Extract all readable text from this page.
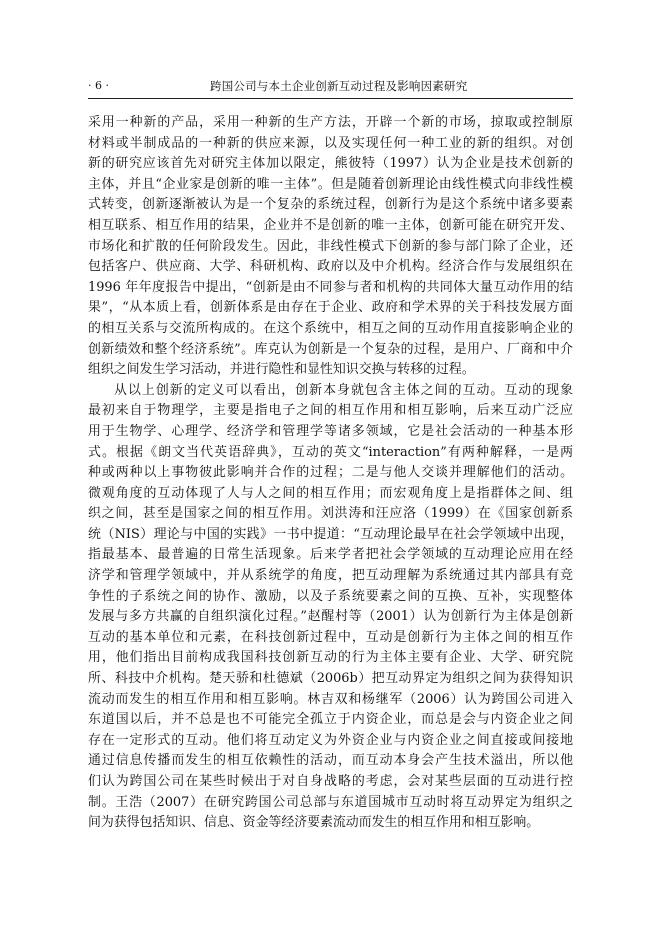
· 6 ·	跨国公司与本土企业创新互动过程及影响因素研究
采用一种新的产品，采用一种新的生产方法，开辟一个新的市场，掠取或控制原
材料或半制成品的一种新的供应来源，以及实现任何一种工业的新的组织。对创
新的研究应该首先对研究主体加以限定，熊彼特（1997）认为企业是技术创新的
主体，并且“企业家是创新的唯一主体”。但是随着创新理论由线性模式向非线性模
式转变，创新逐渐被认为是一个复杂的系统过程，创新行为是这个系统中诸多要素
相互联系、相互作用的结果，企业并不是创新的唯一主体，创新可能在研究开发、
市场化和扩散的任何阶段发生。因此，非线性模式下创新的参与部门除了企业，还
包括客户、供应商、大学、科研机构、政府以及中介机构。经济合作与发展组织在
1996 年年度报告中提出，“创新是由不同参与者和机构的共同体大量互动作用的结
果”，“从本质上看，创新体系是由存在于企业、政府和学术界的关于科技发展方面
的相互关系与交流所构成的。在这个系统中，相互之间的互动作用直接影响企业的
创新绩效和整个经济系统”。库克认为创新是一个复杂的过程，是用户、厂商和中介
组织之间发生学习活动，并进行隐性和显性知识交换与转移的过程。
从以上创新的定义可以看出，创新本身就包含主体之间的互动。互动的现象
最初来自于物理学，主要是指电子之间的相互作用和相互影响，后来互动广泛应
用于生物学、心理学、经济学和管理学等诸多领域，它是社会活动的一种基本形
式。根据《朗文当代英语辞典》，互动的英文“interaction”有两种解释，一是两
种或两种以上事物彼此影响并合作的过程；二是与他人交谈并理解他们的活动。
微观角度的互动体现了人与人之间的相互作用；而宏观角度上是指群体之间、组
织之间，甚至是国家之间的相互作用。刘洪涛和汪应洛（1999）在《国家创新系
统（NIS）理论与中国的实践》一书中提道：“互动理论最早在社会学领域中出现，
指最基本、最普遍的日常生活现象。后来学者把社会学领域的互动理论应用在经
济学和管理学领域中，并从系统学的角度，把互动理解为系统通过其内部具有竞
争性的子系统之间的协作、激励，以及子系统要素之间的互换、互补，实现整体
发展与多方共赢的自组织演化过程。”赵醒村等（2001）认为创新行为主体是创新
互动的基本单位和元素，在科技创新过程中，互动是创新行为主体之间的相互作
用，他们指出目前构成我国科技创新互动的行为主体主要有企业、大学、研究院
所、科技中介机构。楚天骄和杜德斌（2006b）把互动界定为组织之间为获得知识
流动而发生的相互作用和相互影响。林吉双和杨继军（2006）认为跨国公司进入
东道国以后，并不总是也不可能完全孤立于内资企业，而总是会与内资企业之间
存在一定形式的互动。他们将互动定义为外资企业与内资企业之间直接或间接地
通过信息传播而发生的相互依赖性的活动，而互动本身会产生技术溢出，所以他
们认为跨国公司在某些时候出于对自身战略的考虑，会对某些层面的互动进行控
制。王浩（2007）在研究跨国公司总部与东道国城市互动时将互动界定为组织之
间为获得包括知识、信息、资金等经济要素流动而发生的相互作用和相互影响。
